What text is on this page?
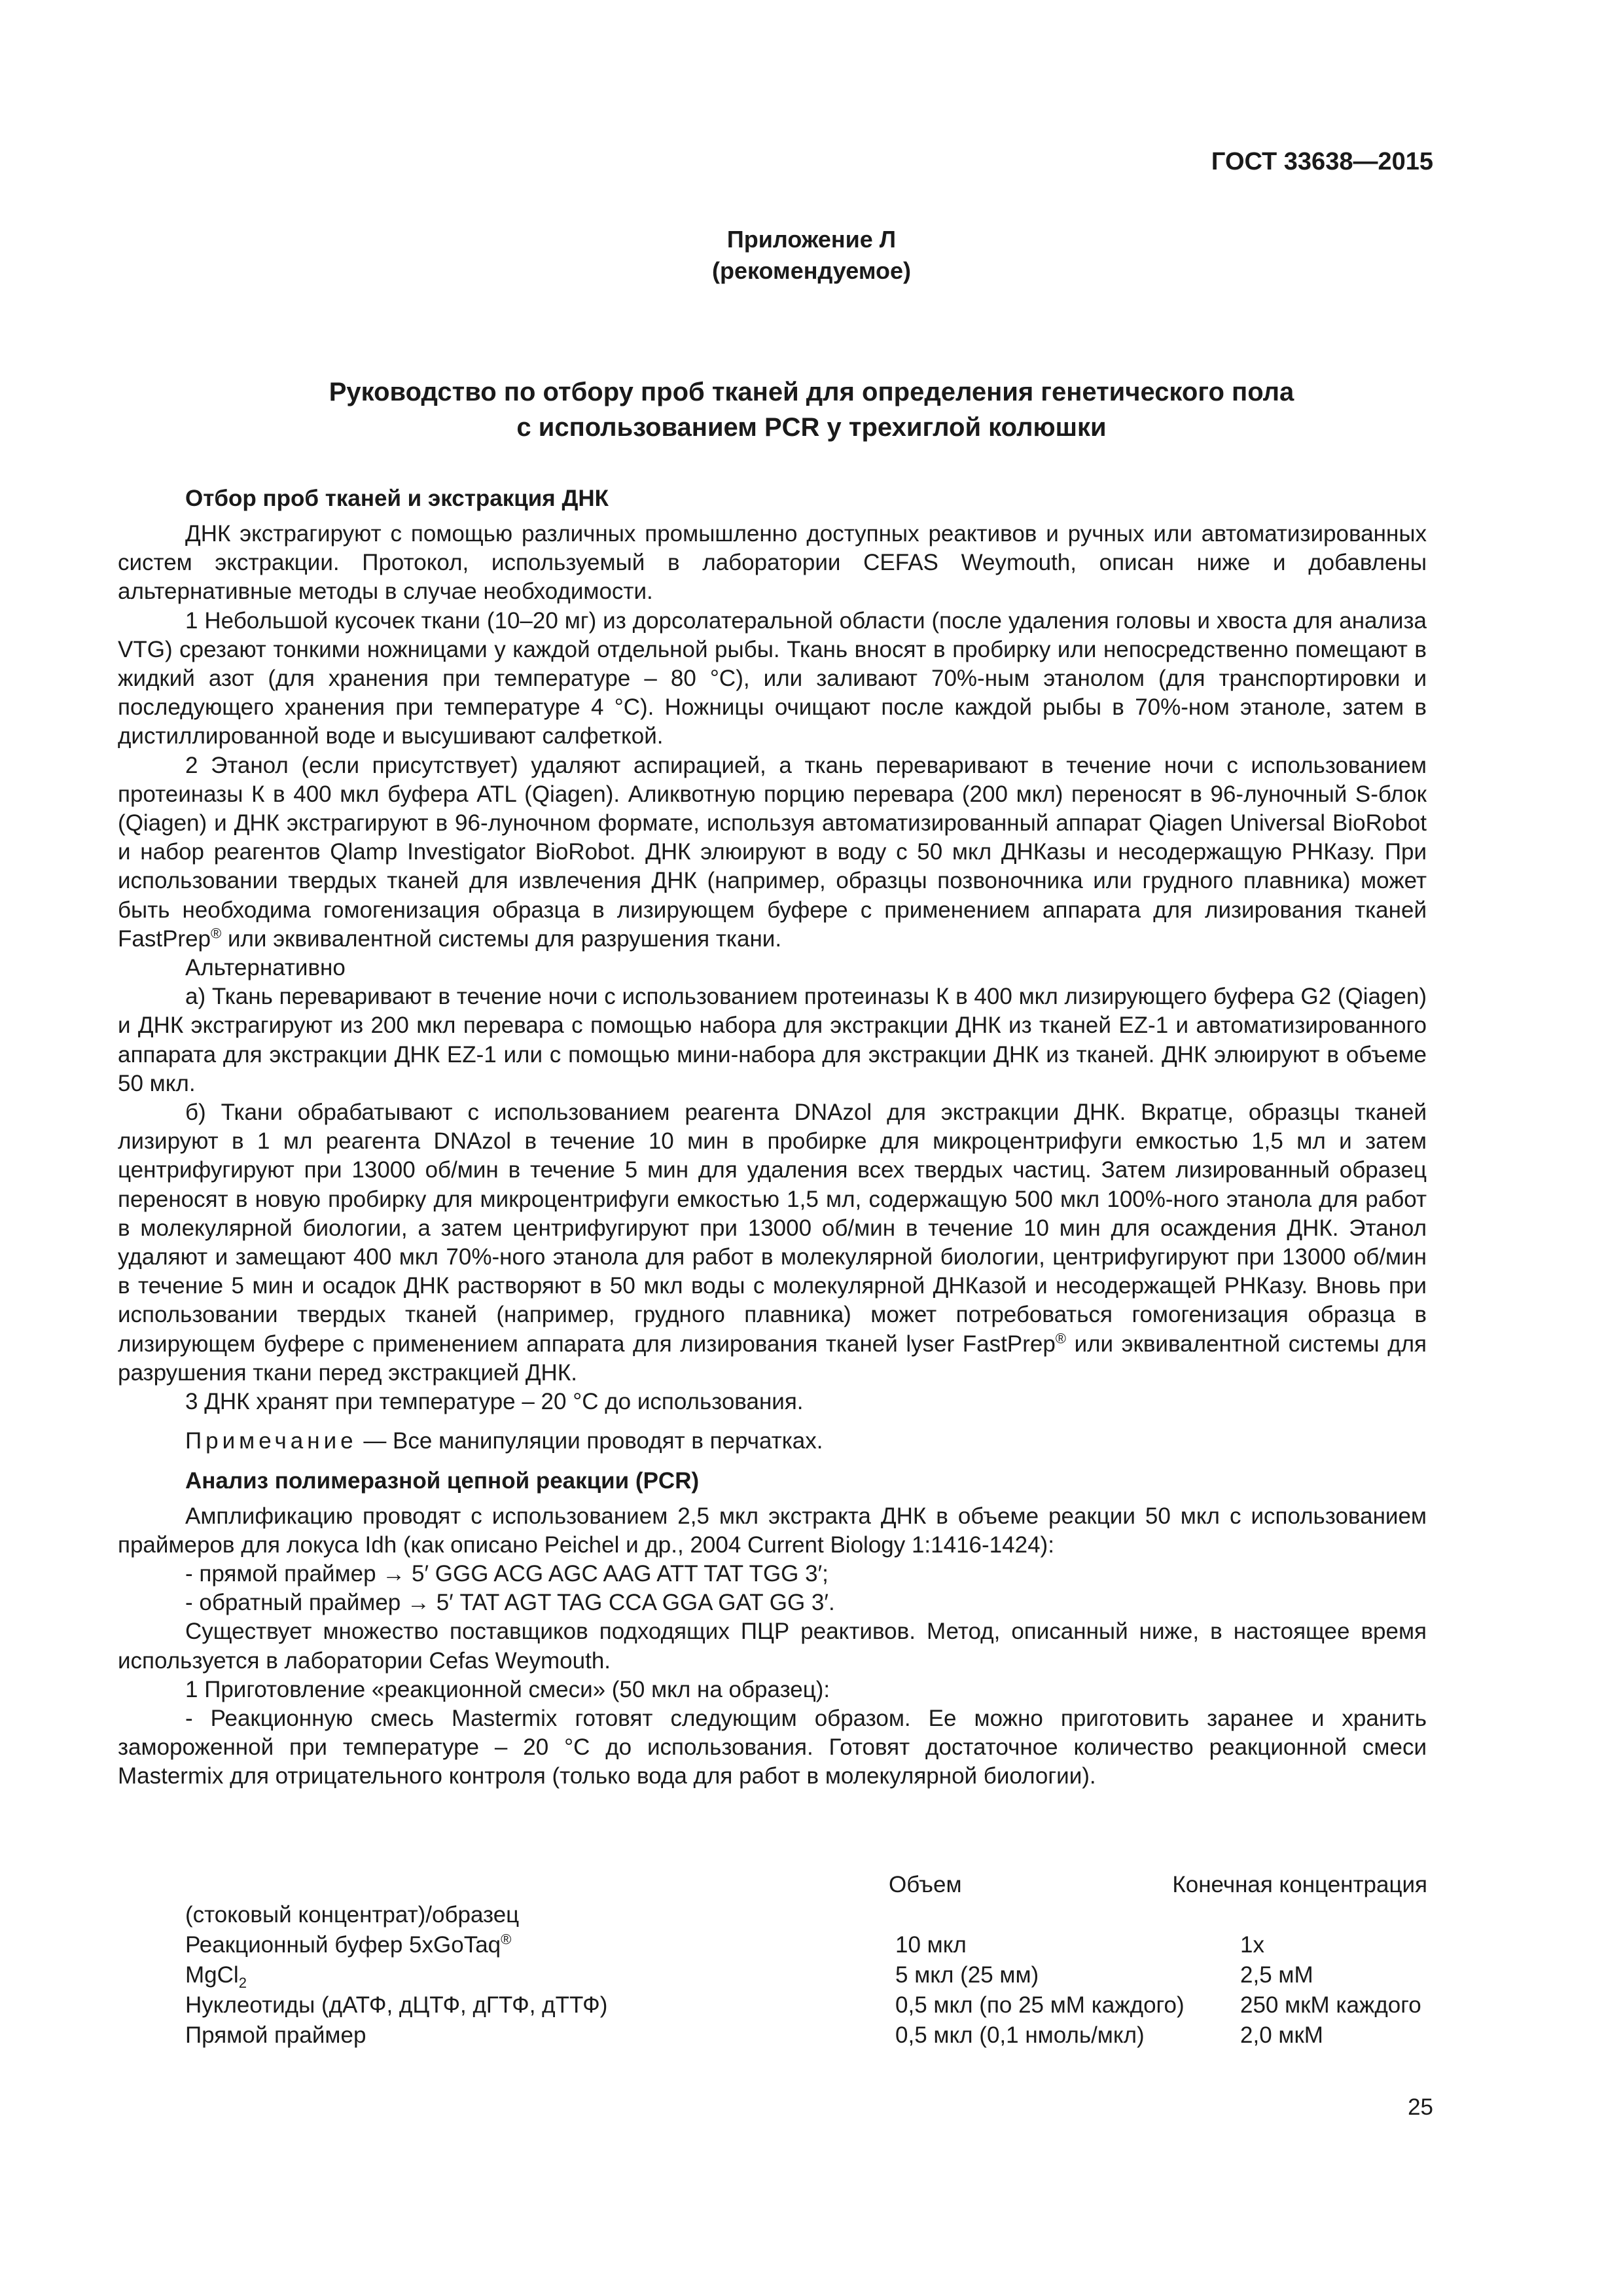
ГОСТ 33638—2015
Приложение Л
(рекомендуемое)
Руководство по отбору проб тканей для определения генетического пола
с использованием PCR у трехиглой колюшки
Отбор проб тканей и экстракция ДНК

ДНК экстрагируют с помощью различных промышленно доступных реактивов и ручных или автоматизированных систем экстракции. Протокол, используемый в лаборатории CEFAS Weymouth, описан ниже и добавлены альтернативные методы в случае необходимости.

1 Небольшой кусочек ткани (10–20 мг) из дорсолатеральной области (после удаления головы и хвоста для анализа VTG) срезают тонкими ножницами у каждой отдельной рыбы. Ткань вносят в пробирку или непосредственно помещают в жидкий азот (для хранения при температуре – 80 °С), или заливают 70%-ным этанолом (для транспортировки и последующего хранения при температуре 4 °С). Ножницы очищают после каждой рыбы в 70%-ном этаноле, затем в дистиллированной воде и высушивают салфеткой.

2 Этанол (если присутствует) удаляют аспирацией, а ткань переваривают в течение ночи с использованием протеиназы К в 400 мкл буфера ATL (Qiagen). Аликвотную порцию перевара (200 мкл) переносят в 96-луночный S-блок (Qiagen) и ДНК экстрагируют в 96-луночном формате, используя автоматизированный аппарат Qiagen Universal BioRobot и набор реагентов Qlamp Investigator BioRobot. ДНК элюируют в воду с 50 мкл ДНКазы и несодержащую РНКазу. При использовании твердых тканей для извлечения ДНК (например, образцы позвоночника или грудного плавника) может быть необходима гомогенизация образца в лизирующем буфере с применением аппарата для лизирования тканей FastPrep® или эквивалентной системы для разрушения ткани.

Альтернативно

а) Ткань переваривают в течение ночи с использованием протеиназы К в 400 мкл лизирующего буфера G2 (Qiagen) и ДНК экстрагируют из 200 мкл перевара с помощью набора для экстракции ДНК из тканей EZ-1 и автоматизированного аппарата для экстракции ДНК EZ-1 или с помощью мини-набора для экстракции ДНК из тканей. ДНК элюируют в объеме 50 мкл.

б) Ткани обрабатывают с использованием реагента DNAzol для экстракции ДНК. Вкратце, образцы тканей лизируют в 1 мл реагента DNAzol в течение 10 мин в пробирке для микроцентрифуги емкостью 1,5 мл и затем центрифугируют при 13000 об/мин в течение 5 мин для удаления всех твердых частиц. Затем лизированный образец переносят в новую пробирку для микроцентрифуги емкостью 1,5 мл, содержащую 500 мкл 100%-ного этанола для работ в молекулярной биологии, а затем центрифугируют при 13000 об/мин в течение 10 мин для осаждения ДНК. Этанол удаляют и замещают 400 мкл 70%-ного этанола для работ в молекулярной биологии, центрифугируют при 13000 об/мин в течение 5 мин и осадок ДНК растворяют в 50 мкл воды с молекулярной ДНКазой и несодержащей РНКазу. Вновь при использовании твердых тканей (например, грудного плавника) может потребоваться гомогенизация образца в лизирующем буфере с применением аппарата для лизирования тканей lyser FastPrep® или эквивалентной системы для разрушения ткани перед экстракцией ДНК.

3 ДНК хранят при температуре – 20 °С до использования.

Примечание — Все манипуляции проводят в перчатках.

Анализ полимеразной цепной реакции (PCR)

Амплификацию проводят с использованием 2,5 мкл экстракта ДНК в объеме реакции 50 мкл с использованием праймеров для локуса Idh (как описано Peichel и др., 2004 Current Biology 1:1416-1424):

- прямой праймер → 5′ GGG ACG AGC AAG ATT TAT TGG 3′;

- обратный праймер → 5′ TAT AGT TAG CCA GGA GAT GG 3′.

Существует множество поставщиков подходящих ПЦР реактивов. Метод, описанный ниже, в настоящее время используется в лаборатории Cefas Weymouth.

1 Приготовление «реакционной смеси» (50 мкл на образец):

- Реакционную смесь Mastermix готовят следующим образом. Ее можно приготовить заранее и хранить замороженной при температуре – 20 °С до использования. Готовят достаточное количество реакционной смеси Mastermix для отрицательного контроля (только вода для работ в молекулярной биологии).

Объем	Конечная концентрация
(стоковый концентрат)/образец
Реакционный буфер 5xGoTaq®	10 мкл	1x
MgCl$_2$	5 мкл (25 мм)	2,5 мМ
Нуклеотиды (дАТФ, дЦТФ, дГТФ, дТТФ)	0,5 мкл (по 25 мМ каждого) 250 мкМ каждого
Прямой праймер	0,5 мкл (0,1 нмоль/мкл)	2,0 мкМ
25
